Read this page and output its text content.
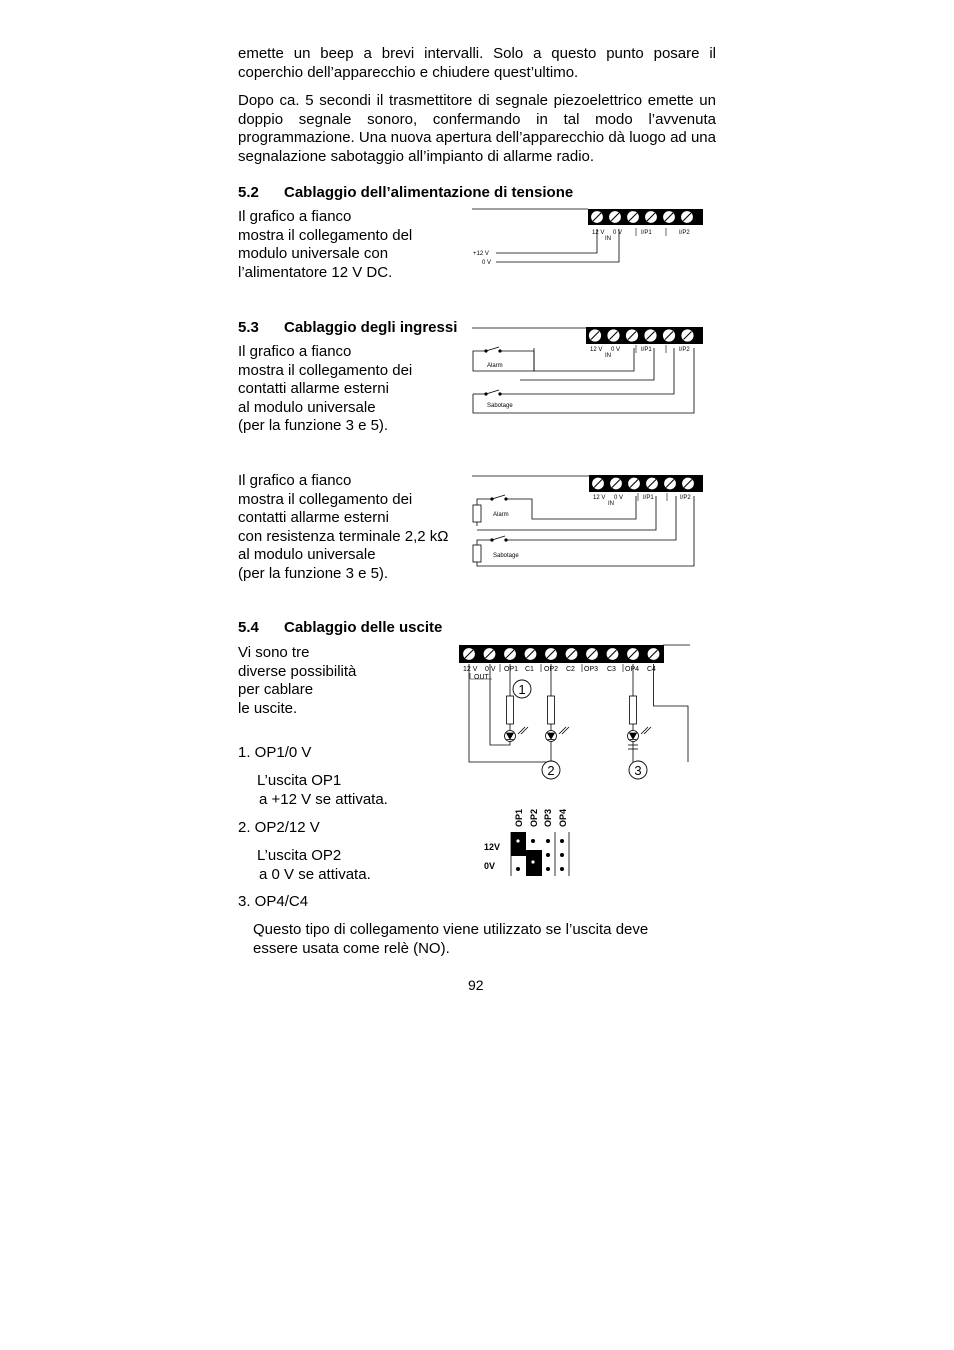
emette un beep a brevi intervalli. Solo a questo punto posare il coperchio dell’apparecchio e chiudere quest’ultimo.
Dopo ca. 5 secondi il trasmettitore di segnale piezoelettrico emette un doppio segnale sonoro, confermando in tal modo l’avvenuta programmazione. Una nuova apertura dell’apparecchio dà luogo ad una segnalazione sabotaggio all’impianto di allarme radio.
5.2 Cablaggio dell’alimentazione di tensione
Il grafico a fianco
mostra il collegamento del
modulo universale con
l’alimentatore 12 V DC.
12 V 0 V	I/P1	I/P2
IN
+12 V
0 V
5.3 Cablaggio degli ingressi
Il grafico a fianco
mostra il collegamento dei
contatti allarme esterni
al modulo universale
(per la funzione 3 e 5).
12 V 0 V	I/P1	I/P2
IN
Alarm
Sabotage
Il grafico a fianco
mostra il collegamento dei
contatti allarme esterni
con resistenza terminale 2,2 kΩ
al modulo universale
(per la funzione 3 e 5).
12 V 0 V	I/P1	I/P2
IN
Alarm
Sabotage
5.4 Cablaggio delle uscite
Vi sono tre
diverse possibilità
per cablare
le uscite.
1. OP1/0 V
L’uscita OP1
a +12 V se attivata.
2. OP2/12 V
L’uscita OP2
a 0 V se attivata.
3. OP4/C4
Questo tipo di collegamento viene utilizzato se l’uscita deve
essere usata come relè (NO).
12 V 0 V OP1 C1 OP2 C2 OP3 C3 OP4 C4
OUT
1
2	3
OP1 OP2 OP3 OP4
12V
0V
92
